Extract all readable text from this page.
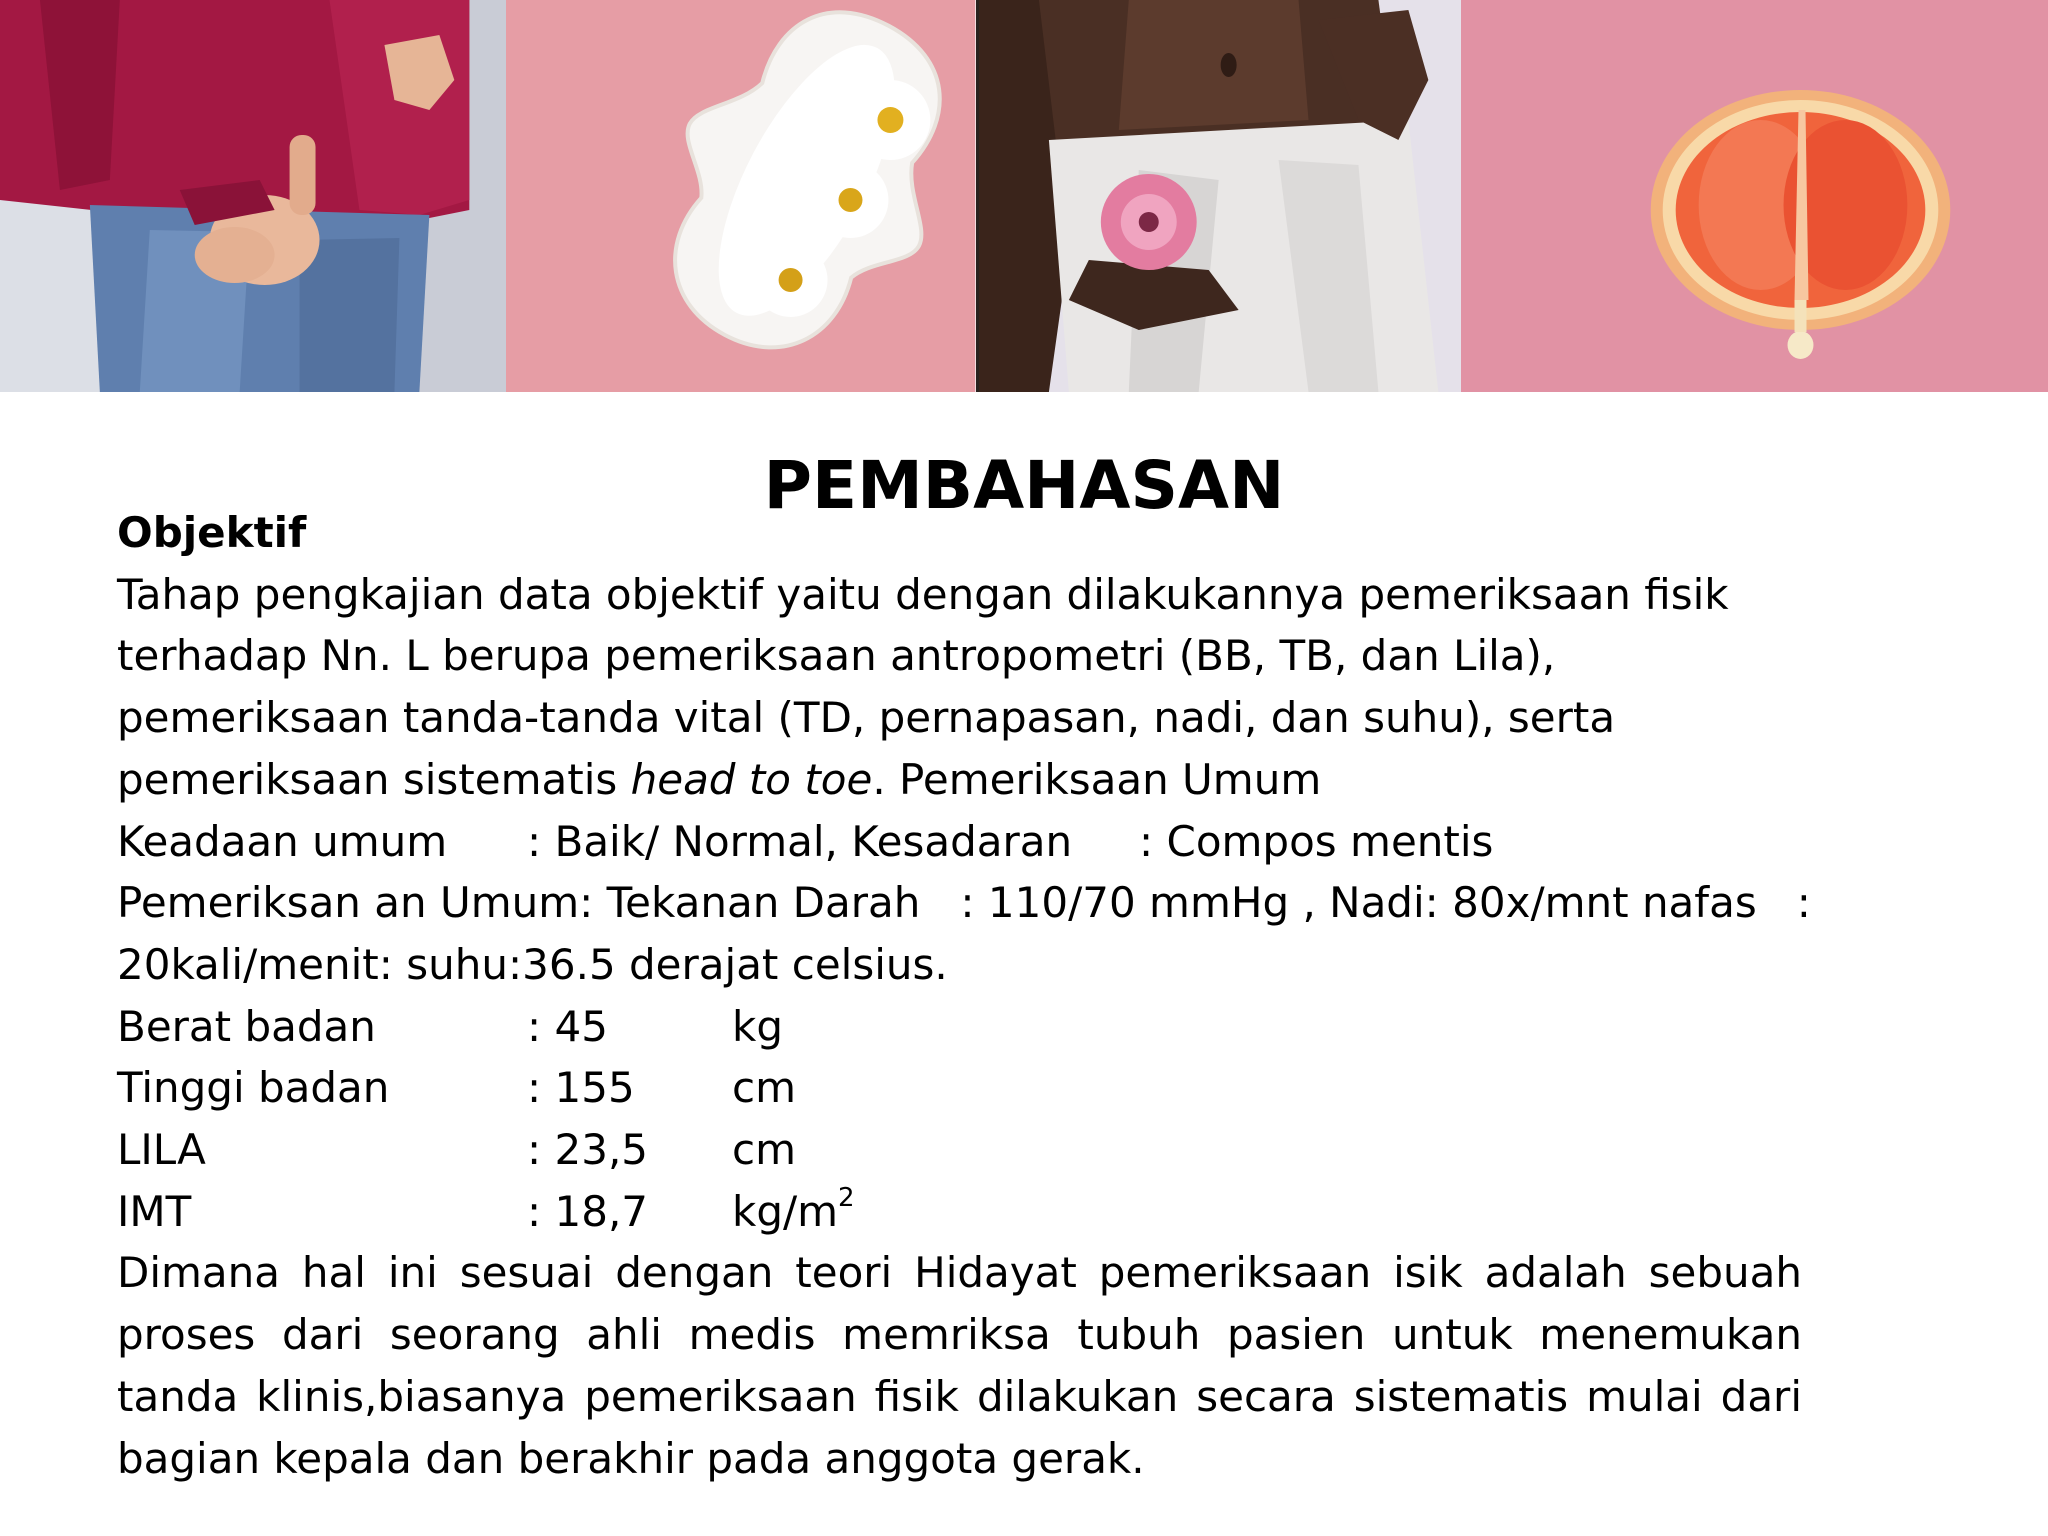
PEMBAHASAN

Objektif

Tahap pengkajian data objektif yaitu dengan dilakukannya pemeriksaan fisik terhadap Nn. L berupa pemeriksaan antropometri (BB, TB, dan Lila), pemeriksaan tanda-tanda vital (TD, pernapasan, nadi, dan suhu), serta pemeriksaan sistematis head to toe. Pemeriksaan Umum

Keadaan umum	: Baik/ Normal, Kesadaran	: Compos mentis

Pemeriksan an Umum: Tekanan Darah   : 110/70 mmHg , Nadi: 80x/mnt nafas   :

20kali/menit: suhu:36.5 derajat celsius.

Berat badan	: 45	kg

Tinggi badan	: 155	cm

LILA	: 23,5	cm

IMT	: 18,7	$kg/m^2$

Dimana hal ini sesuai dengan teori Hidayat pemeriksaan isik adalah sebuah proses dari seorang ahli medis memriksa tubuh pasien untuk menemukan tanda klinis,biasanya pemeriksaan fisik dilakukan secara sistematis mulai dari bagian kepala dan berakhir pada anggota gerak.
